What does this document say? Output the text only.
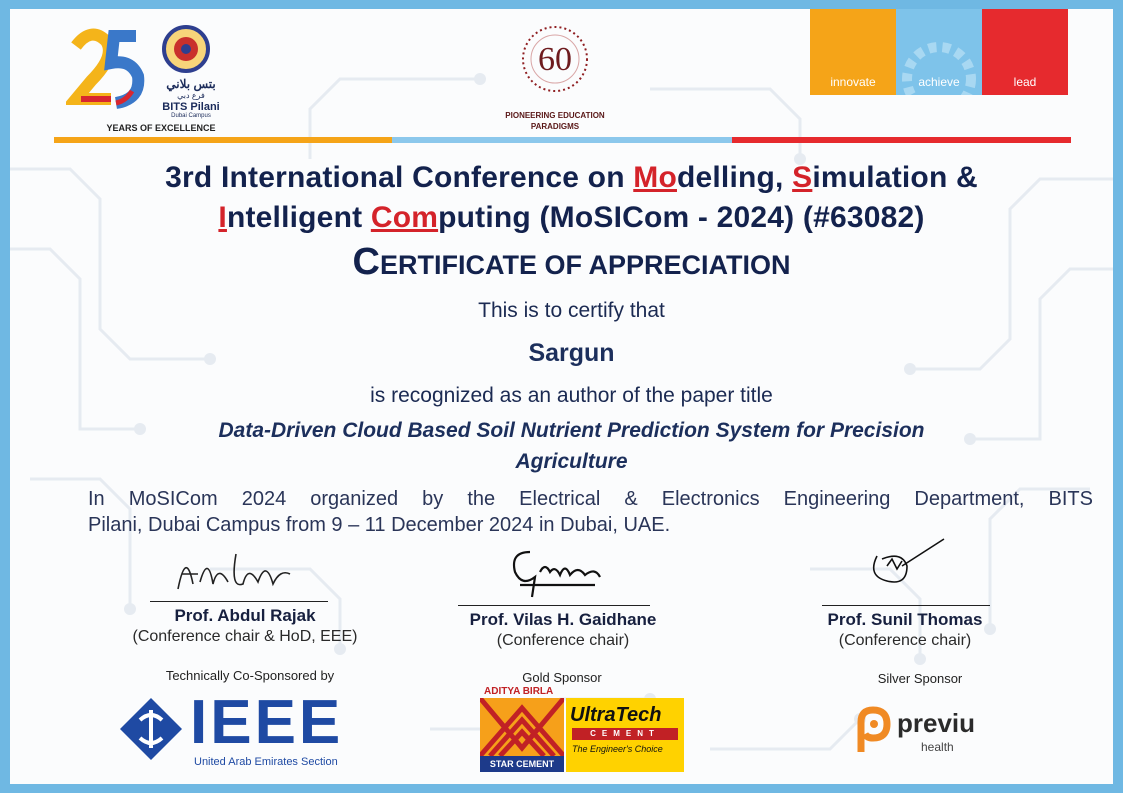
بتس بلاني
فرع دبي
BITS Pilani
Dubai Campus
YEARS OF EXCELLENCE
60
PIONEERING EDUCATION
PARADIGMS
innovate	achieve	lead
3rd International Conference on Modelling, Simulation &
Intelligent Computing (MoSICom - 2024) (#63082)
CERTIFICATE OF APPRECIATION
This is to certify that
Sargun
is recognized as an author of the paper title
Data-Driven Cloud Based Soil Nutrient Prediction System for Precision
Agriculture
In MoSICom 2024 organized by the Electrical & Electronics Engineering Department, BITS
Pilani, Dubai Campus from 9 – 11 December 2024 in Dubai, UAE.
Prof. Abdul Rajak
(Conference chair & HoD, EEE)
Prof. Vilas H. Gaidhane
(Conference chair)
Prof. Sunil Thomas
(Conference chair)
Technically Co-Sponsored by
IEEE
United Arab Emirates Section
Gold Sponsor
ADITYA BIRLA
STAR CEMENT
UltraTech
CEMENT
The Engineer's Choice
Silver Sponsor
previu
health
